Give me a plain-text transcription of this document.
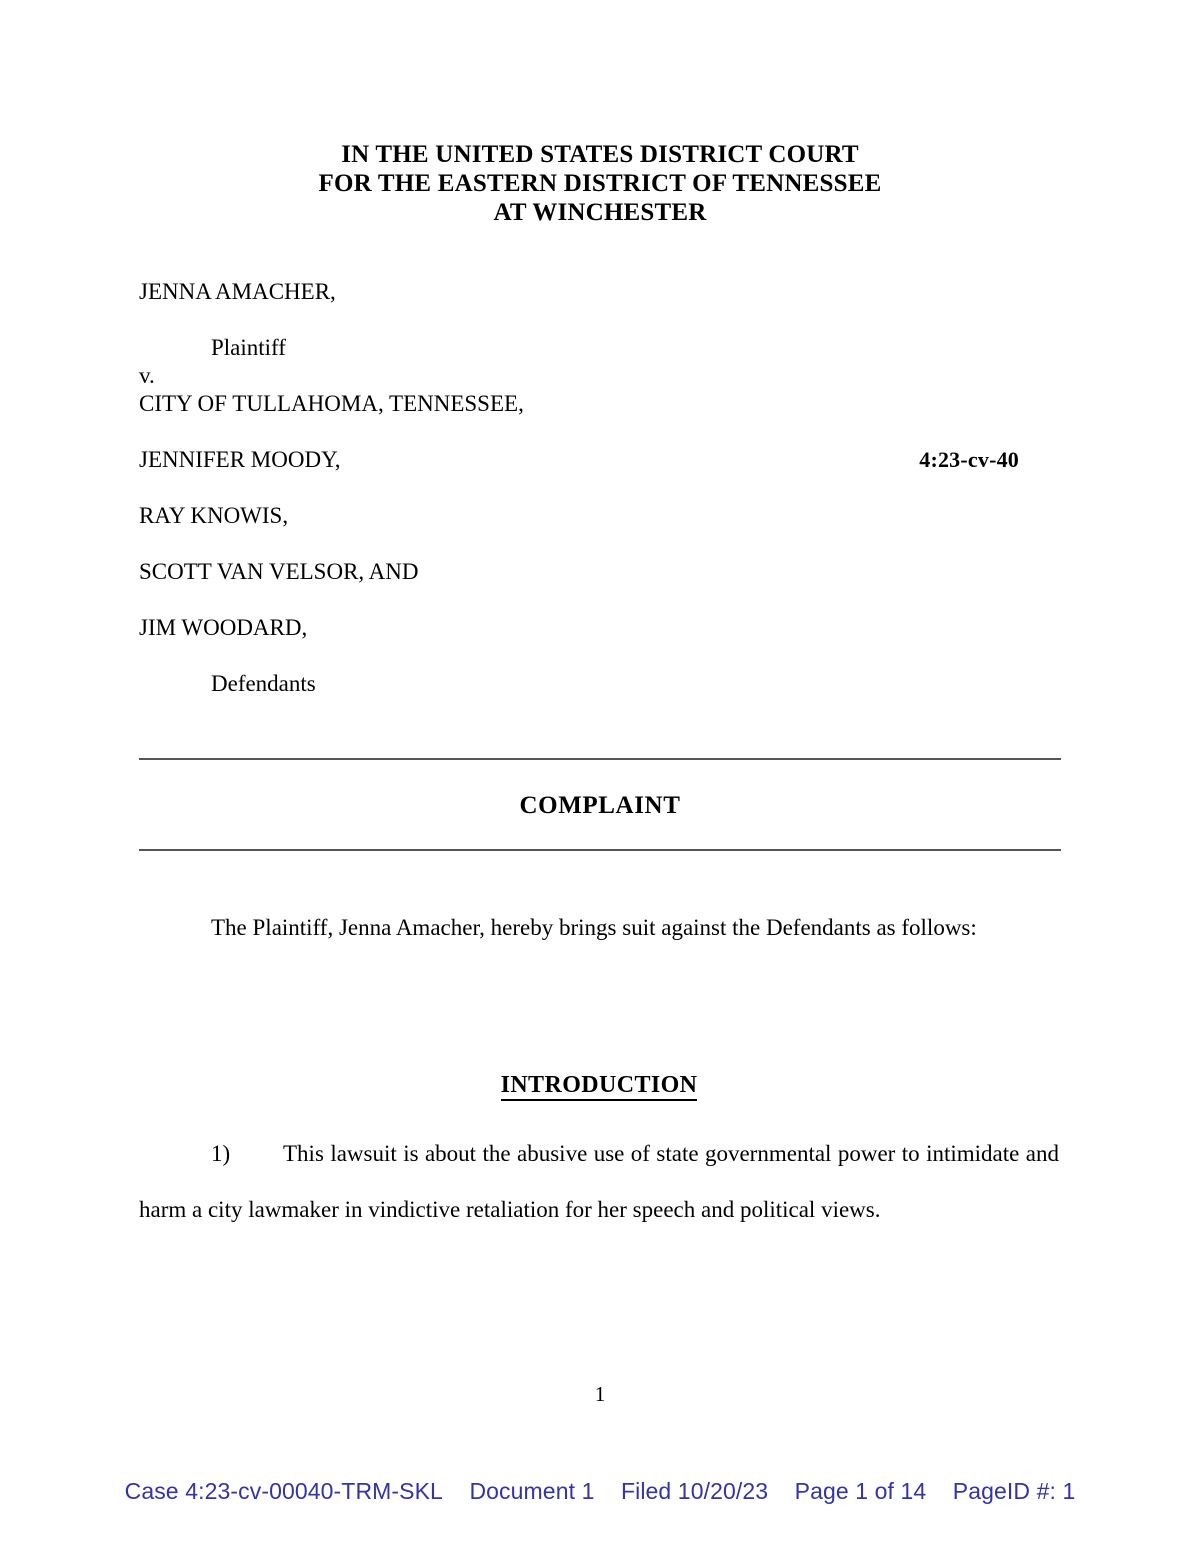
IN THE UNITED STATES DISTRICT COURT
FOR THE EASTERN DISTRICT OF TENNESSEE
AT WINCHESTER
JENNA AMACHER,
Plaintiff
v.
CITY OF TULLAHOMA, TENNESSEE,
JENNIFER MOODY,	4:23-cv-40
RAY KNOWIS,
SCOTT VAN VELSOR, AND
JIM WOODARD,
Defendants
COMPLAINT
The Plaintiff, Jenna Amacher, hereby brings suit against the Defendants as follows:
INTRODUCTION
1) This lawsuit is about the abusive use of state governmental power to intimidate and harm a city lawmaker in vindictive retaliation for her speech and political views.
1
Case 4:23-cv-00040-TRM-SKL Document 1 Filed 10/20/23 Page 1 of 14 PageID #: 1
